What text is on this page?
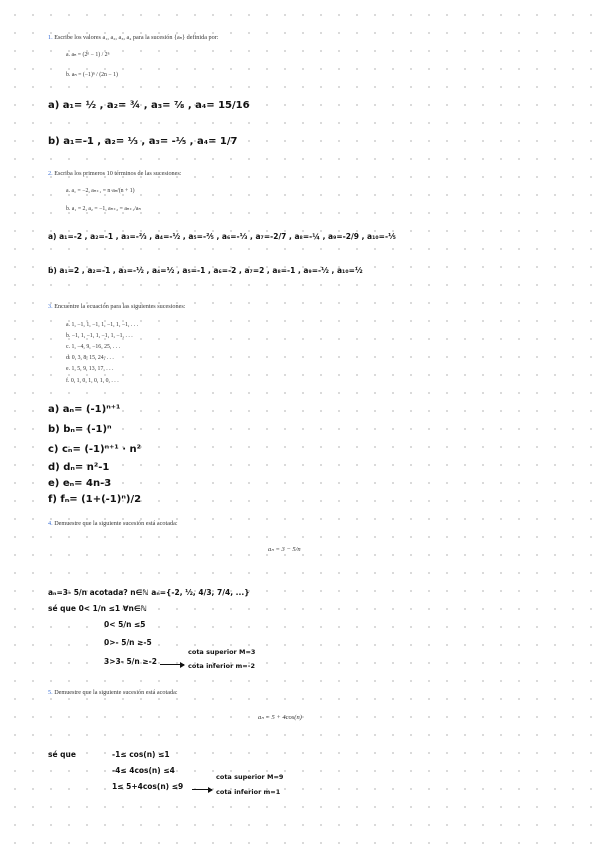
1. Escribe los valores a₁, a₂, a₃, a₄ para la sucesión {aₙ} definida por:
a. aₙ = (2ⁿ − 1) / 2ⁿ
b. aₙ = (−1)ⁿ / (2n − 1)
a) a₁= ½ , a₂= ¾ , a₃= ⅞ , a₄= 15/16
b) a₁=-1 , a₂= ⅓ , a₃= -⅕ , a₄= 1/7
2. Escriba los primeros 10 términos de las sucesiones:
a. a₁ = −2, aₙ₊₁ = n·aₙ/(n + 1)
b. a₁ = 2, a₂ = −1, aₙ₊₂ = aₙ₊₁/aₙ
a) a₁=-2 , a₂=-1 , a₃=-⅔ , a₄=-½ , a₅=-⅖ , a₆=-⅓ , a₇=-2/7 , a₈=-¼ , a₉=-2/9 , a₁₀=-⅕
b) a₁=2 , a₂=-1 , a₃=-½ , a₄=½ , a₅=-1 , a₆=-2 , a₇=2 , a₈=-1 , a₉=-½ , a₁₀=½
3. Encuentre la ecuación para las siguientes sucesiones:
a. 1, −1, 1, −1, 1, −1, 1, −1, . . .
b. −1, 1, −1, 1, −1, 1, −1, . . .
c. 1, −4, 9, −16, 25, . . .
d. 0, 3, 8, 15, 24, . . .
e. 1, 5, 9, 13, 17, . . .
f. 0, 1, 0, 1, 0, 1, 0, . . .
a) aₙ= (-1)ⁿ⁺¹
b) bₙ= (-1)ⁿ
c) cₙ= (-1)ⁿ⁺¹ · n²
d) dₙ= n²-1
e) eₙ= 4n-3
f) fₙ= (1+(-1)ⁿ)/2
4. Demuestre que la siguiente sucesión está acotada:
aₙ = 3 − 5/n
aₙ=3- 5/n acotada? n∈ℕ aₙ={-2, ½, 4/3, 7/4, ...}
sé que 0< 1/n ≤1 ∀n∈ℕ
0< 5/n ≤5
0>- 5/n ≥-5
3>3- 5/n ≥-2
cota superior M=3
cota inferior m=-2
5. Demuestre que la siguiente sucesión está acotada:
aₙ = 5 + 4cos(n)
sé que	-1≤ cos(n) ≤1
-4≤ 4cos(n) ≤4
1≤ 5+4cos(n) ≤9
cota superior M=9
cota inferior m=1
